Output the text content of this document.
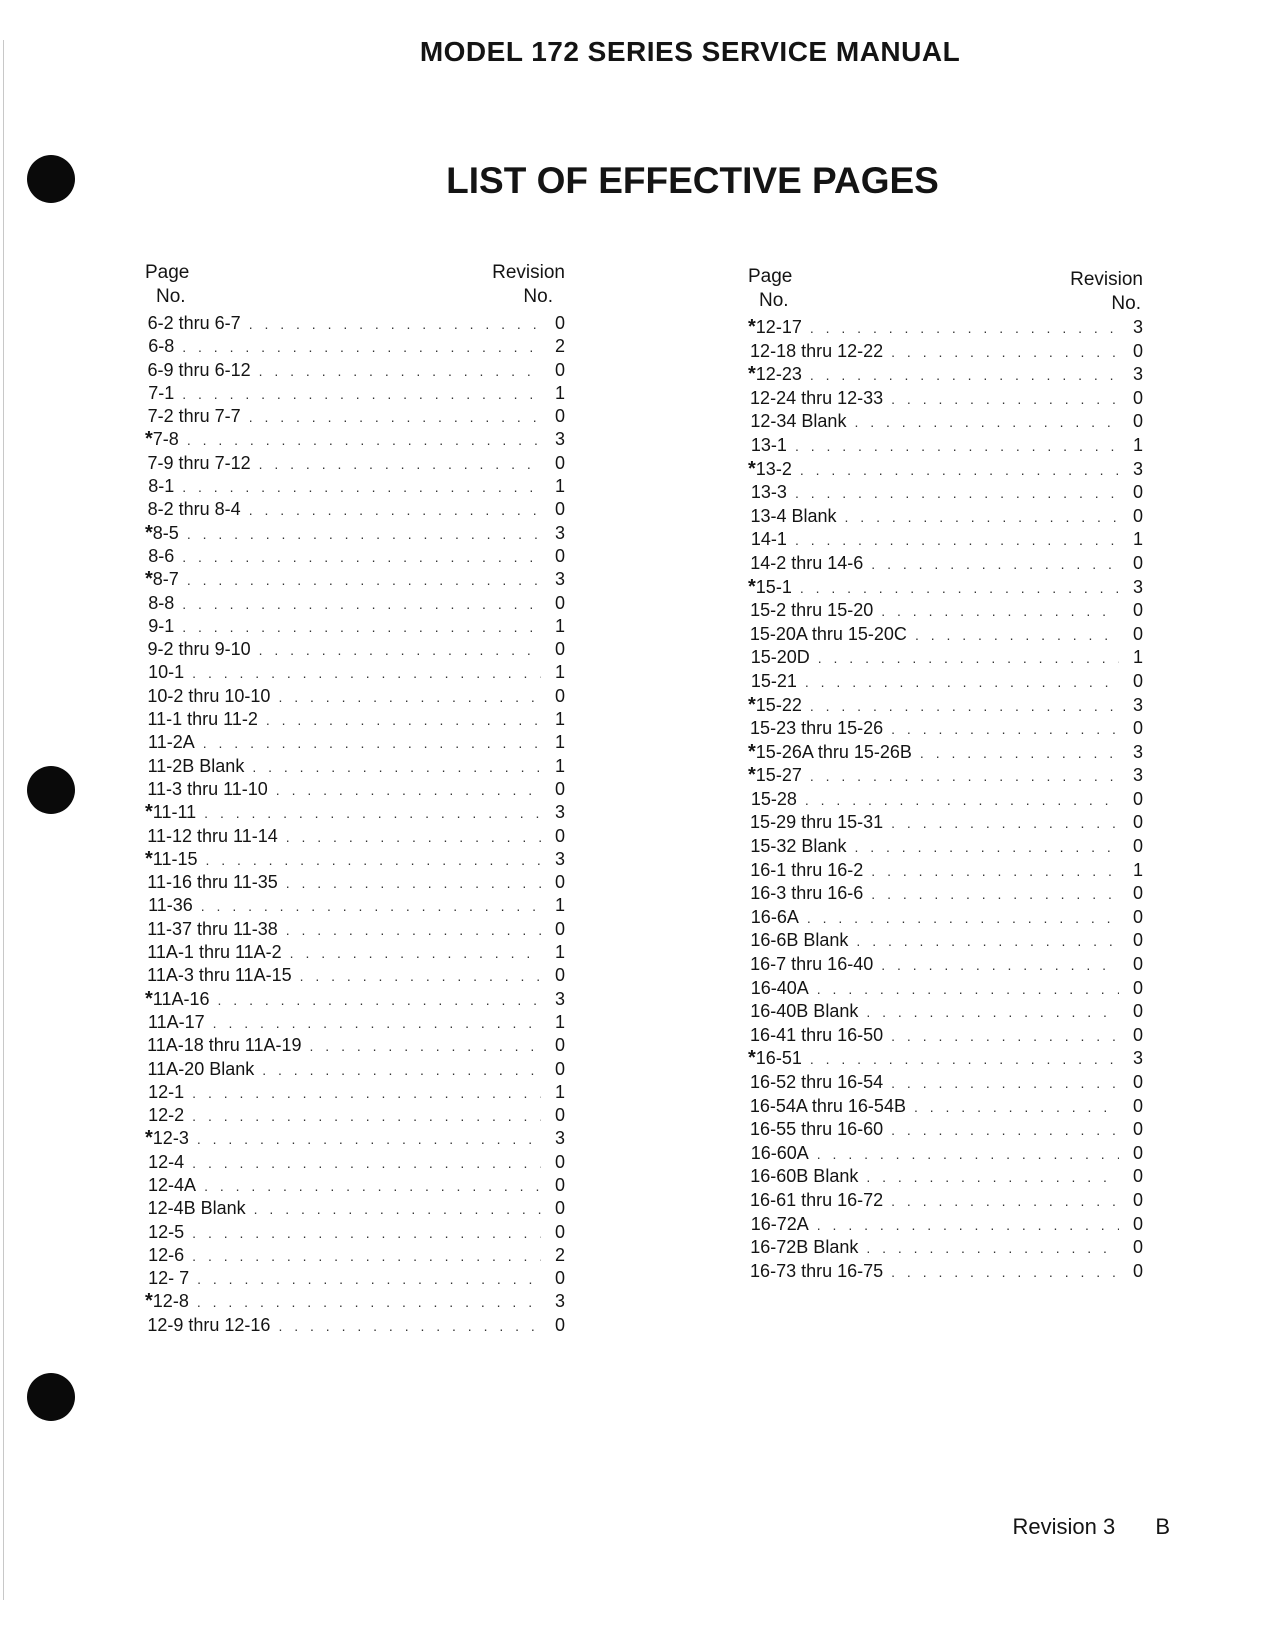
MODEL 172 SERIES SERVICE MANUAL
LIST OF EFFECTIVE PAGES
Page
No.
Revision
No.
6-2 thru 6-7 . . .	0
6-8 . . .	2
6-9 thru 6-12 . . .	0
7-1 . . .	1
7-2 thru 7-7 . . .	0
* 7-8 . . .	3
7-9 thru 7-12 . . .	0
8-1 . . .	1
8-2 thru 8-4 . . .	0
* 8-5 . . .	3
8-6 . . .	0
* 8-7 . . .	3
8-8 . . .	0
9-1 . . .	1
9-2 thru 9-10 . . .	0
10-1 . . .	1
10-2 thru 10-10 . . .	0
11-1 thru 11-2 . . .	1
11-2A . . .	1
11-2B Blank . . .	1
11-3 thru 11-10 . . .	0
* 11-11 . . .	3
11-12 thru 11-14 . . .	0
* 11-15 . . .	3
11-16 thru 11-35 . . .	0
11-36 . . .	1
11-37 thru 11-38 . . .	0
11A-1 thru 11A-2 . . .	1
11A-3 thru 11A-15 . . .	0
* 11A-16 . . .	3
11A-17 . . .	1
11A-18 thru 11A-19 . . .	0
11A-20 Blank . . .	0
12-1 . . .	1
12-2 . . .	0
* 12-3 . . .	3
12-4 . . .	0
12-4A . . .	0
12-4B Blank . . .	0
12-5 . . .	0
12-6 . . .	2
12- 7 . . .	0
* 12-8 . . .	3
12-9 thru 12-16 . . .	0
Page
No.
Revision
No.
* 12-17 . . .	3
12-18 thru 12-22 . . .	0
* 12-23 . . .	3
12-24 thru 12-33 . . .	0
12-34 Blank . . .	0
13-1 . . .	1
* 13-2 . . .	3
13-3 . . .	0
13-4 Blank . . .	0
14-1 . . .	1
14-2 thru 14-6 . . .	0
* 15-1 . . .	3
15-2 thru 15-20 . . .	0
15-20A thru 15-20C . . .	0
15-20D . . .	1
15-21 . . .	0
* 15-22 . . .	3
15-23 thru 15-26 . . .	0
* 15-26A thru 15-26B . . .	3
* 15-27 . . .	3
15-28 . . .	0
15-29 thru 15-31 . . .	0
15-32 Blank . . .	0
16-1 thru 16-2 . . .	1
16-3 thru 16-6 . . .	0
16-6A . . .	0
16-6B Blank . . .	0
16-7 thru 16-40 . . .	0
16-40A . . .	0
16-40B Blank . . .	0
16-41 thru 16-50 . . .	0
* 16-51 . . .	3
16-52 thru 16-54 . . .	0
16-54A thru 16-54B . . .	0
16-55 thru 16-60 . . .	0
16-60A . . .	0
16-60B Blank . . .	0
16-61 thru 16-72 . . .	0
16-72A . . .	0
16-72B Blank . . .	0
16-73 thru 16-75 . . .	0
Revision 3 B
